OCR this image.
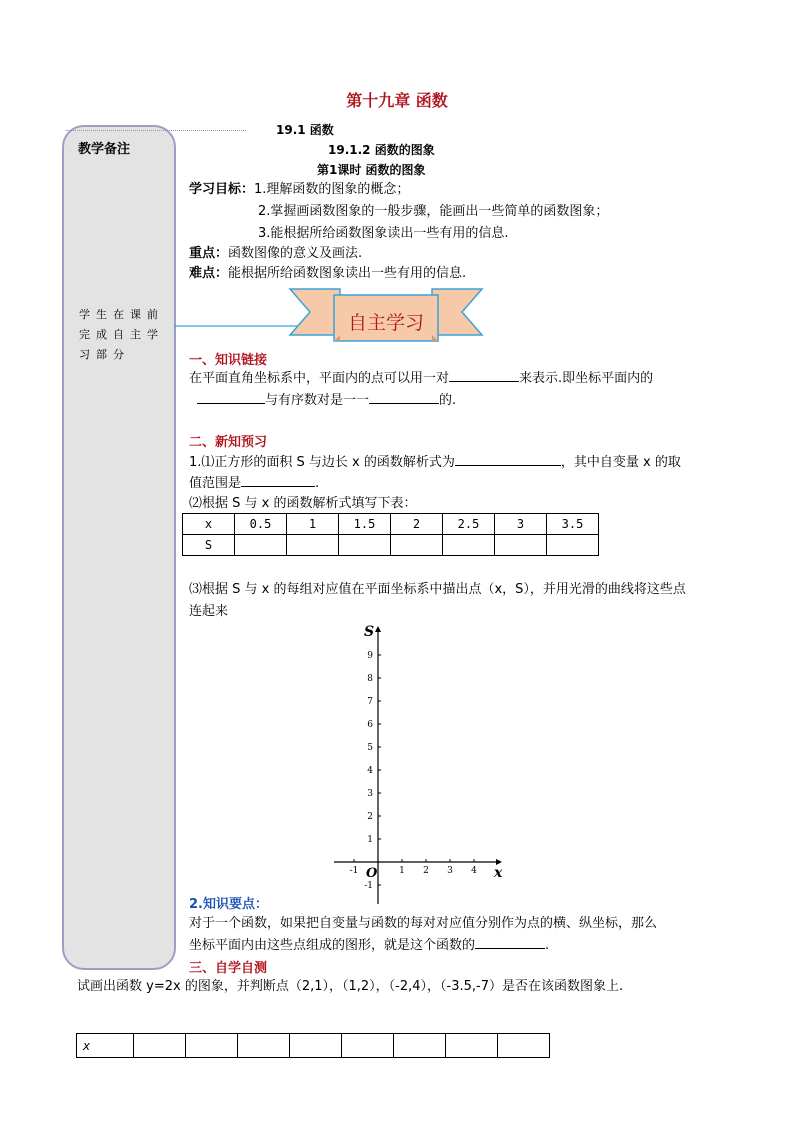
第十九章 函数
教学备注
学生在课前完成自主学习部分
19.1 函数
19.1.2 函数的图象
第1课时 函数的图象
学习目标：1.理解函数的图象的概念；
2.掌握画函数图象的一般步骤，能画出一些简单的函数图象；
3.能根据所给函数图象读出一些有用的信息.
重点：函数图像的意义及画法.
难点：能根据所给函数图象读出一些有用的信息.
自主学习
一、知识链接
在平面直角坐标系中，平面内的点可以用一对	来表示.即坐标平面内的
与有序数对是一一	的.
二、新知预习
1.⑴正方形的面积 S 与边长 x 的函数解析式为	，其中自变量 x 的取
值范围是	.
⑵根据 S 与 x 的函数解析式填写下表：
x	0.5	1	1.5	2	2.5	3	3.5
S							
⑶根据 S 与 x 的每组对应值在平面坐标系中描出点（x，S），并用光滑的曲线将这些点
连起来
-1	1 2 3 4
-1
1
2
3
4
5
6
7
8
9
x
S
O
2.知识要点：
对于一个函数，如果把自变量与函数的每对对应值分别作为点的横、纵坐标，那么
坐标平面内由这些点组成的图形，就是这个函数的	.
三、自学自测
试画出函数 y=2x 的图象，并判断点（2,1），（1,2），（-2,4），（-3.5,-7）是否在该函数图象上.
x								
